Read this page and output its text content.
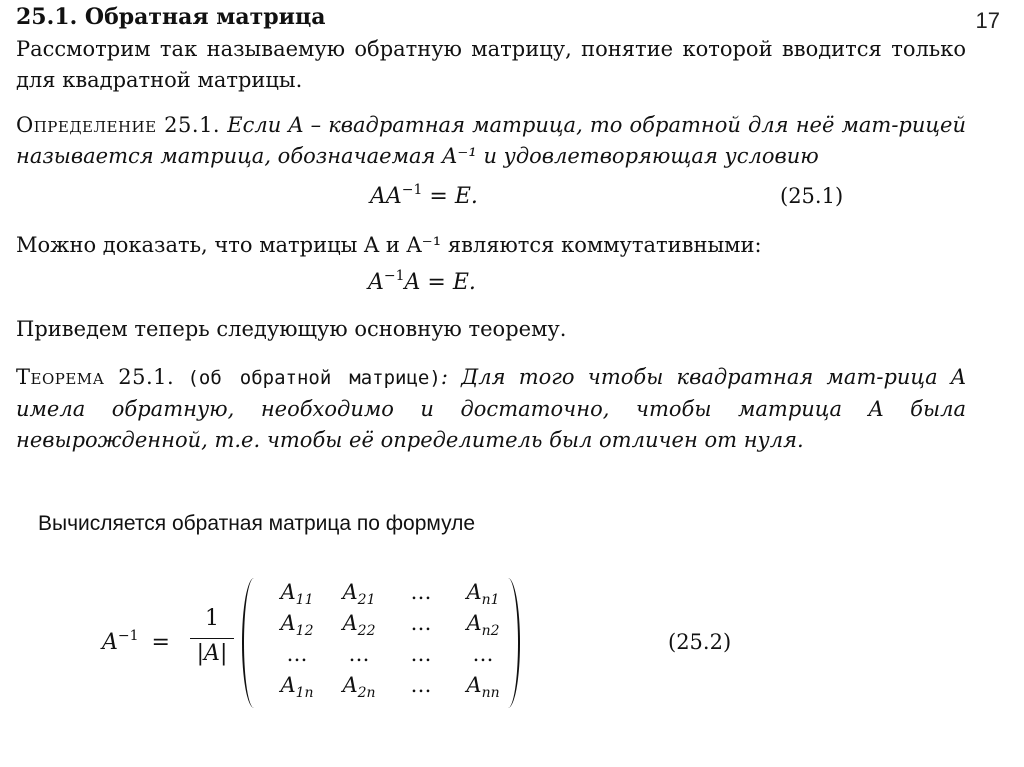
17
25.1. Обратная матрица
Рассмотрим так называемую обратную матрицу, понятие которой вводится только для квадратной матрицы.
Определение 25.1. Если A – квадратная матрица, то обратной для неё мат-рицей называется матрица, обозначаемая A⁻¹ и удовлетворяющая условию
$AA^{-1} = E$.	(25.1)
Можно доказать, что матрицы A и A⁻¹ являются коммутативными:
$A^{-1}A = E$.
Приведем теперь следующую основную теорему.
Теорема 25.1. (об обратной матрице): Для того чтобы квадратная мат-рица A имела обратную, необходимо и достаточно, чтобы матрица A была невырожденной, т.е. чтобы её определитель был отличен от нуля.
Вычисляется обратная матрица по формуле
$A^{-1}$ =
1
|A|
$A_{11}$	$A_{21}$	…	$A_{n1}$
$A_{12}$	$A_{22}$	…	$A_{n2}$
…	…	…	…
$A_{1n}$	$A_{2n}$	…	$A_{nn}$
(25.2)
